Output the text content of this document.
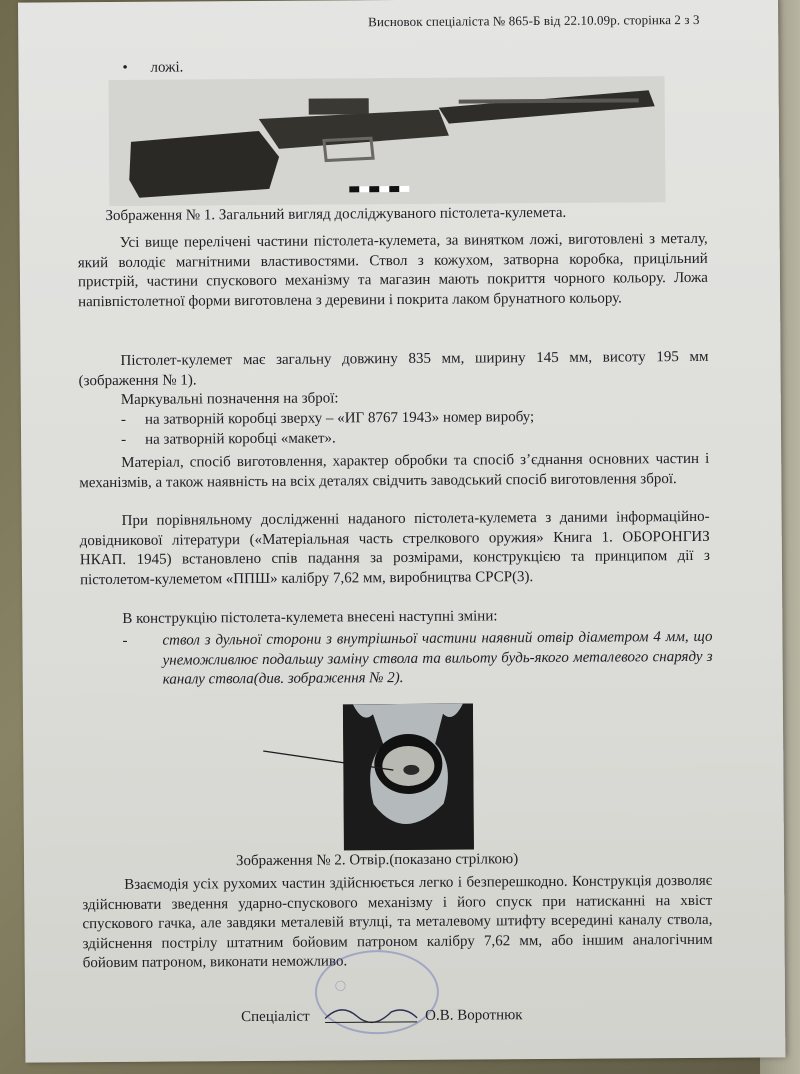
Висновок спеціаліста № 865-Б від 22.10.09р. сторінка 2 з 3
• ложі.
Зображення № 1. Загальний вигляд досліджуваного пістолета-кулемета.

Усі вище перелічені частини пістолета-кулемета, за винятком ложі, виготовлені з металу, який володіє магнітними властивостями. Ствол з кожухом, затворна коробка, прицільний пристрій, частини спускового механізму та магазин мають покриття чорного кольору. Ложа напівпістолетної форми виготовлена з деревини і покрита лаком брунатного кольору.

Пістолет-кулемет має загальну довжину 835 мм, ширину 145 мм, висоту 195 мм (зображення № 1).

Маркувальні позначення на зброї:

- на затворній коробці зверху – «ИГ 8767 1943» номер виробу;
- на затворній коробці «макет».

Матеріал, спосіб виготовлення, характер обробки та спосіб з’єднання основних частин і механізмів, а також наявність на всіх деталях свідчить заводський спосіб виготовлення зброї.

При порівняльному дослідженні наданого пістолета-кулемета з даними інформаційно-довідникової літератури («Матеріальная часть стрелкового оружия» Книга 1. ОБОРОНГИЗ НКАП. 1945) встановлено спів падання за розмірами, конструкцією та принципом дії з пістолетом-кулеметом «ППШ» калібру 7,62 мм, виробництва СРСР(3).

В конструкцію пістолета-кулемета внесені наступні зміни:

- ствол з дульної сторони з внутрішньої частини наявний отвір діаметром 4 мм, що унеможливлює подальшу заміну ствола та вильоту будь-якого металевого снаряду з каналу ствола(див. зображення № 2).
Зображення № 2. Отвір.(показано стрілкою)

Взаємодія усіх рухомих частин здійснюється легко і безперешкодно. Конструкція дозволяє здійснювати зведення ударно-спускового механізму і його спуск при натисканні на хвіст спускового гачка, але завдяки металевій втулці, та металевому штифту всередині каналу ствола, здійснення пострілу штатним бойовим патроном калібру 7,62 мм, або іншим аналогічним бойовим патроном, виконати неможливо.

◯
Спеціаліст	О.В. Воротнюк
